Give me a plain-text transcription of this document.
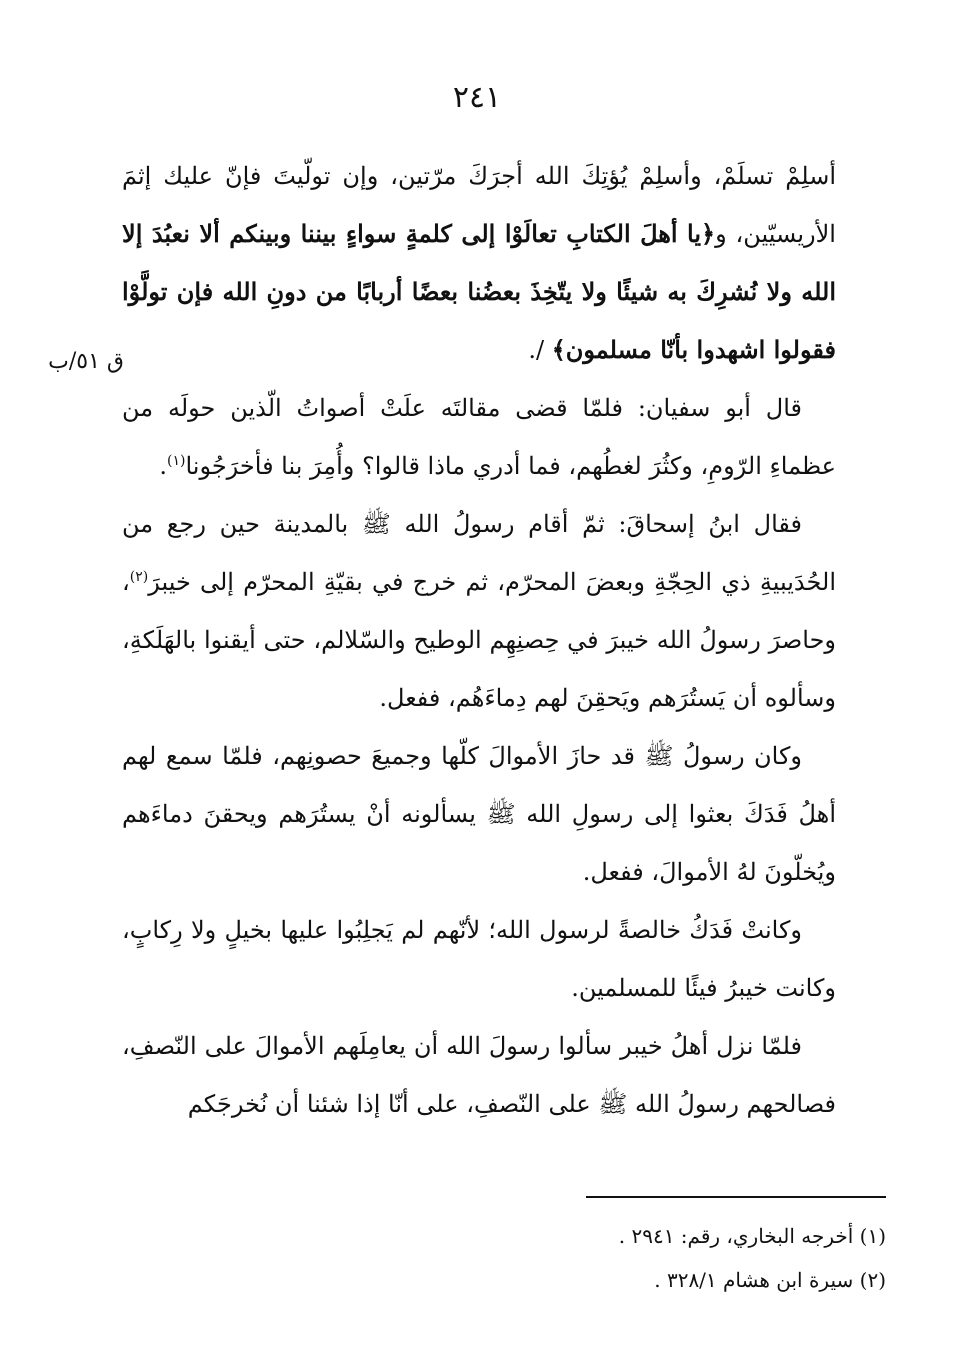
٢٤١
ق ٥١/ب

أسلِمْ تسلَمْ، وأسلِمْ يُؤتِكَ الله أجرَكَ مرّتين، وإن تولّيتَ فإنّ عليك إثمَ الأريسيّين، و﴿يا أهلَ الكتابِ تعالَوْا إلى كلمةٍ سواءٍ بيننا وبينكم ألا نعبُدَ إلا الله ولا نُشرِكَ به شيئًا ولا يتّخِذَ بعضُنا بعضًا أربابًا من دونِ الله فإن تولَّوْا فقولوا اشهدوا بأنّا مسلمون﴾ /.

قال أبو سفيان: فلمّا قضى مقالتَه علَتْ أصواتُ الّذين حولَه من عظماءِ الرّومِ، وكثُرَ لغطُهم، فما أدري ماذا قالوا؟ وأُمِرَ بنا فأخرَجُونا$^{(١)}$.

فقال ابنُ إسحاقَ: ثمّ أقام رسولُ الله ﷺ بالمدينة حين رجع من الحُدَيبيةِ ذي الحِجّةِ وبعضَ المحرّم، ثم خرج في بقيّةِ المحرّم إلى خيبرَ$^{(٢)}$، وحاصرَ رسولُ الله خيبرَ في حِصنِهِم الوطيح والسّلالم، حتى أيقنوا بالهَلَكةِ، وسألوه أن يَستُرَهم ويَحقِنَ لهم دِماءَهُم، ففعل.

وكان رسولُ ﷺ قد حازَ الأموالَ كلّها وجميعَ حصونِهم، فلمّا سمع لهم أهلُ فَدَكَ بعثوا إلى رسولِ الله ﷺ يسألونه أنْ يستُرَهم ويحقنَ دماءَهم ويُخلّونَ لهُ الأموالَ، ففعل.

وكانتْ فَدَكُ خالصةً لرسول الله؛ لأنّهم لم يَجلِبُوا عليها بخيلٍ ولا رِكابٍ، وكانت خيبرُ فيئًا للمسلمين.

فلمّا نزل أهلُ خيبر سألوا رسولَ الله أن يعامِلَهم الأموالَ على النّصفِ، فصالحهم رسولُ الله ﷺ على النّصفِ، على أنّا إذا شئنا أن نُخرجَكم

(١) أخرجه البخاري، رقم: ٢٩٤١ .

(٢) سيرة ابن هشام ٣٢٨/١ .
